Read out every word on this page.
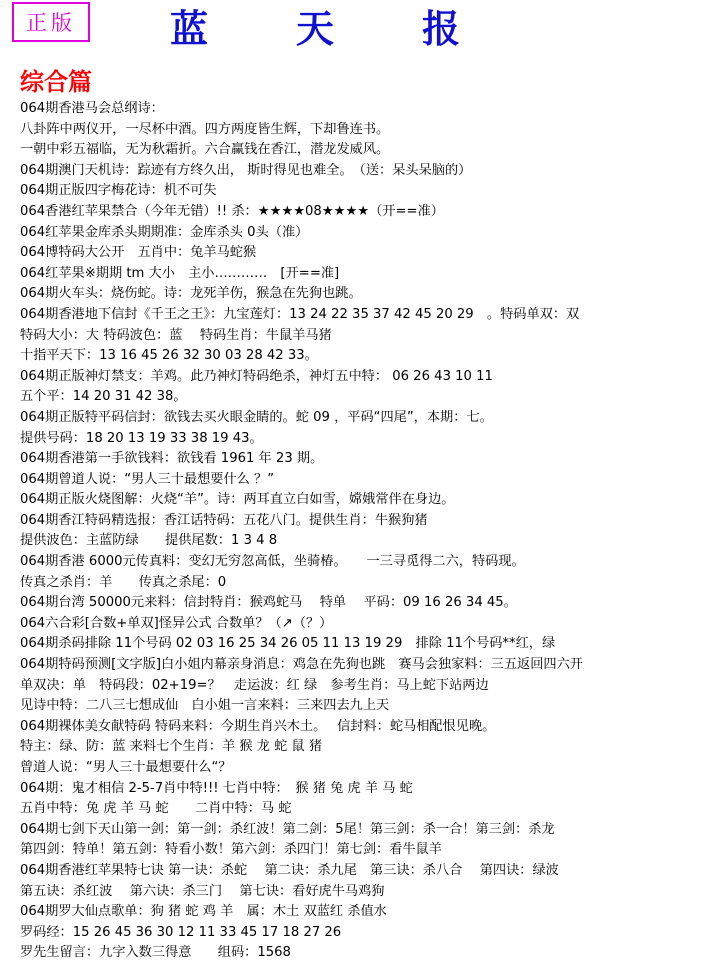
正版	蓝 天 报
综合篇
064期香港马会总纲诗：
八卦阵中两仪开，一尽杯中酒。四方两度皆生辉，下却鲁连书。
一朝中彩五福临，无为秋霜折。六合赢钱在香江，潜龙发威风。
064期澳门天机诗：踪迹有方终久出， 斯时得见也难全。　（送：呆头呆脑的）
064期正版四字梅花诗：机不可失
064香港红苹果禁合（今年无错）!! 杀：★★★★08★★★★（开==准）
064红苹果金库杀头期期准：金库杀头 0头（准）
064博特码大公开　五肖中：兔羊马蛇猴
064红苹果※期期 tm 大小　主小…………　[开==准]
064期火车头：烧伤蛇。诗：龙死羊伤，猴急在先狗也跳。
064期香港地下信封《千王之王》：九宝莲灯：13 24 22 35 37 42 45 20 29　。特码单双：双
特码大小：大 特码波色：蓝　 特码生肖：牛鼠羊马猪
十指平天下：13 16 45 26 32 30 03 28 42 33。
064期正版神灯禁支：羊鸡。此乃神灯特码绝杀，神灯五中特： 06 26 43 10 11
五个平：14 20 31 42 38。
064期正版特平码信封：欲钱去买火眼金睛的。蛇 09 ，平码“四尾”，本期：七。
提供号码：18 20 13 19 33 38 19 43。
064期香港第一手欲钱料：欲钱看 1961 年 23 期。
064期曾道人说：“男人三十最想要什么 ？”
064期正版火烧图解：火烧“羊”。诗：两耳直立白如雪，嫦娥常伴在身边。
064期香江特码精选报：香江话特码：五花八门。提供生肖：牛猴狗猪
提供波色：主蓝防绿　　提供尾数：1 3 4 8
064期香港 6000元传真料：变幻无穷忽高低，坐骑椿。　　一三寻觅得二六，特码现。
传真之杀肖：羊　　传真之杀尾：0
064期台湾 50000元来料：信封特肖：猴鸡蛇马　 特单　 平码：09 16 26 34 45。
064六合彩[合数+单双]怪异公式 合数单？（↗（？）
064期杀码排除 11个号码 02 03 16 25 34 26 05 11 13 19 29　排除 11个号码**红，绿
064期特码预测[文字版]白小姐内幕亲身消息：鸡急在先狗也跳　赛马会独家料：三五返回四六开
单双决：单　特码段：02+19=？　走运波：红 绿　参考生肖：马上蛇下站两边
见诗中特：二八三七想成仙　白小姐一言来料：三来四去九上天
064期裸体美女献特码 特码来料：今期生肖兴木土。　 信封料：蛇马相配恨见晚。
特主：绿、防：蓝 来料七个生肖：羊 猴 龙 蛇 鼠 猪
曾道人说：“男人三十最想要什么“？
064期：鬼才相信 2-5-7肖中特!!! 七肖中特：　猴 猪 兔 虎 羊 马 蛇
五肖中特：兔 虎 羊 马 蛇　　二肖中特：马 蛇
064期七剑下天山第一剑：第一剑：杀红波！第二剑：5尾！第三剑：杀一合！第三剑：杀龙
第四剑：特单！第五剑：特看小数！第六剑：杀四门！第七剑：看牛鼠羊
064期香港红苹果特七诀 第一诀：杀蛇　 第二诀：杀九尾　第三诀：杀八合　 第四诀：绿波
第五诀：杀红波　 第六诀：杀三门　 第七诀：看好虎牛马鸡狗
064期罗大仙点歌单：狗 猪 蛇 鸡 羊　属：木土 双蓝红 杀值水
罗码经：15 26 45 36 30 12 11 33 45 17 18 27 26
罗先生留言：九字入数三得意　　组码：1568
